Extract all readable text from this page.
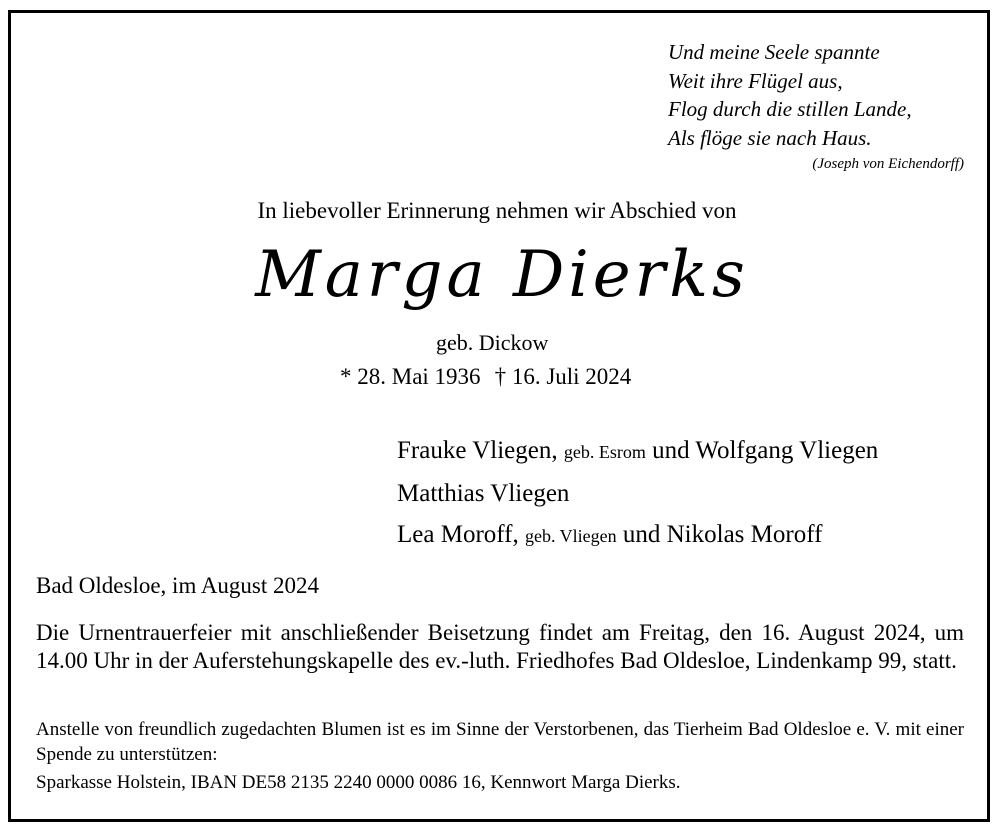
Und meine Seele spannte
Weit ihre Flügel aus,
Flog durch die stillen Lande,
Als flöge sie nach Haus.
(Joseph von Eichendorff)
In liebevoller Erinnerung nehmen wir Abschied von
Marga Dierks
geb. Dickow
* 28. Mai 1936 † 16. Juli 2024
Frauke Vliegen, geb. Esrom und Wolfgang Vliegen
Matthias Vliegen
Lea Moroff, geb. Vliegen und Nikolas Moroff
Bad Oldesloe, im August 2024
Die Urnentrauerfeier mit anschließender Beisetzung findet am Freitag, den 16. August 2024, um 14.00 Uhr in der Auferstehungskapelle des ev.-luth. Friedhofes Bad Oldesloe, Lindenkamp 99, statt.
Anstelle von freundlich zugedachten Blumen ist es im Sinne der Verstorbenen, das Tierheim Bad Oldesloe e. V. mit einer Spende zu unterstützen:
Sparkasse Holstein, IBAN DE58 2135 2240 0000 0086 16, Kennwort Marga Dierks.
